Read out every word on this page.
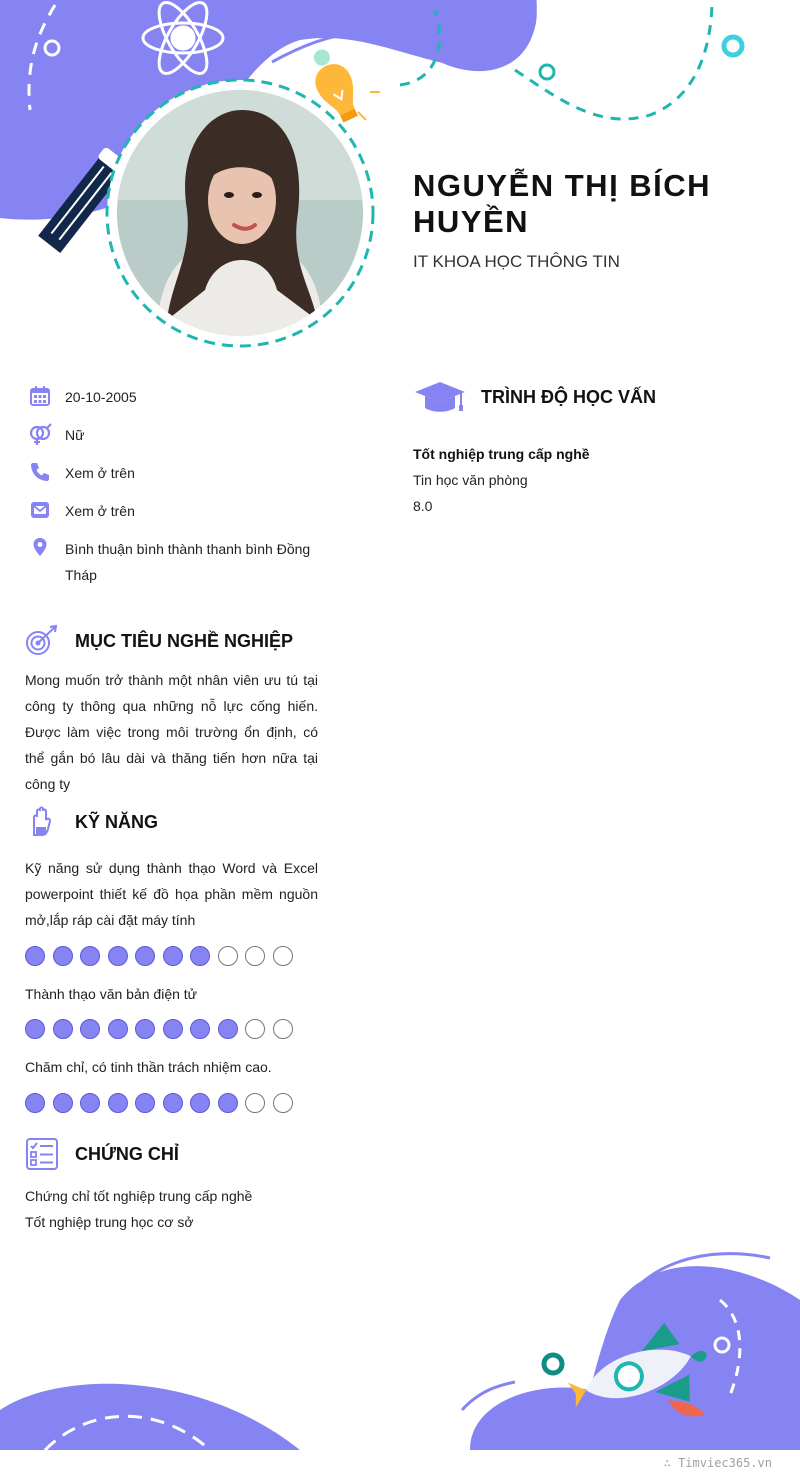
NGUYỄN THỊ BÍCH HUYỀN
IT KHOA HỌC THÔNG TIN
20-10-2005
Nữ
Xem ở trên
Xem ở trên
Bình thuận bình thành thanh bình Đồng Tháp
MỤC TIÊU NGHỀ NGHIỆP

Mong muốn trở thành một nhân viên ưu tú tại công ty thông qua những nỗ lực cống hiến. Được làm việc trong môi trường ổn định, có thể gắn bó lâu dài và thăng tiến hơn nữa tại công ty

KỸ NĂNG

Kỹ năng sử dụng thành thạo Word và Excel powerpoint thiết kế đồ họa phần mềm nguồn mở,lắp ráp cài đặt máy tính

Thành thạo văn bản điện tử

Chăm chỉ, có tinh thần trách nhiệm cao.

CHỨNG CHỈ

Chứng chỉ tốt nghiệp trung cấp nghề

Tốt nghiệp trung học cơ sở

TRÌNH ĐỘ HỌC VẤN
Tốt nghiệp trung cấp nghề
Tin học văn phòng
8.0
∴ Timviec365.vn
